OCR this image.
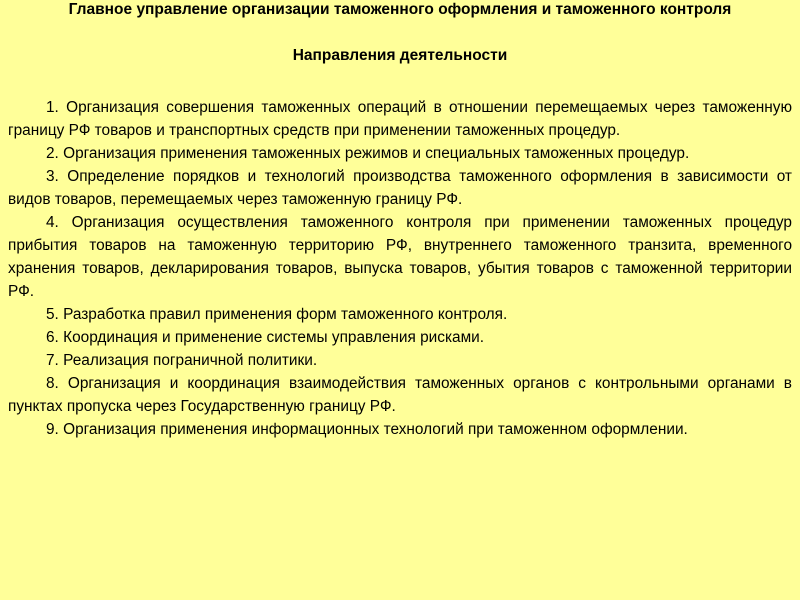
Главное управление организации таможенного оформления и таможенного контроля
Направления деятельности
1. Организация совершения таможенных операций в отношении перемещаемых через таможенную границу РФ товаров и транспортных средств при применении таможенных процедур.
2. Организация применения таможенных режимов и специальных таможенных процедур.
3. Определение порядков и технологий производства таможенного оформления в зависимости от видов товаров, перемещаемых через таможенную границу РФ.
4. Организация осуществления таможенного контроля при применении таможенных процедур прибытия товаров на таможенную территорию РФ, внутреннего таможенного транзита, временного хранения товаров, декларирования товаров, выпуска товаров, убытия товаров с таможенной территории РФ.
5. Разработка правил применения форм таможенного контроля.
6. Координация и применение системы управления рисками.
7. Реализация пограничной политики.
8. Организация и координация взаимодействия таможенных органов с контрольными органами в пунктах пропуска через Государственную границу РФ.
9. Организация применения информационных технологий при таможенном оформлении.
